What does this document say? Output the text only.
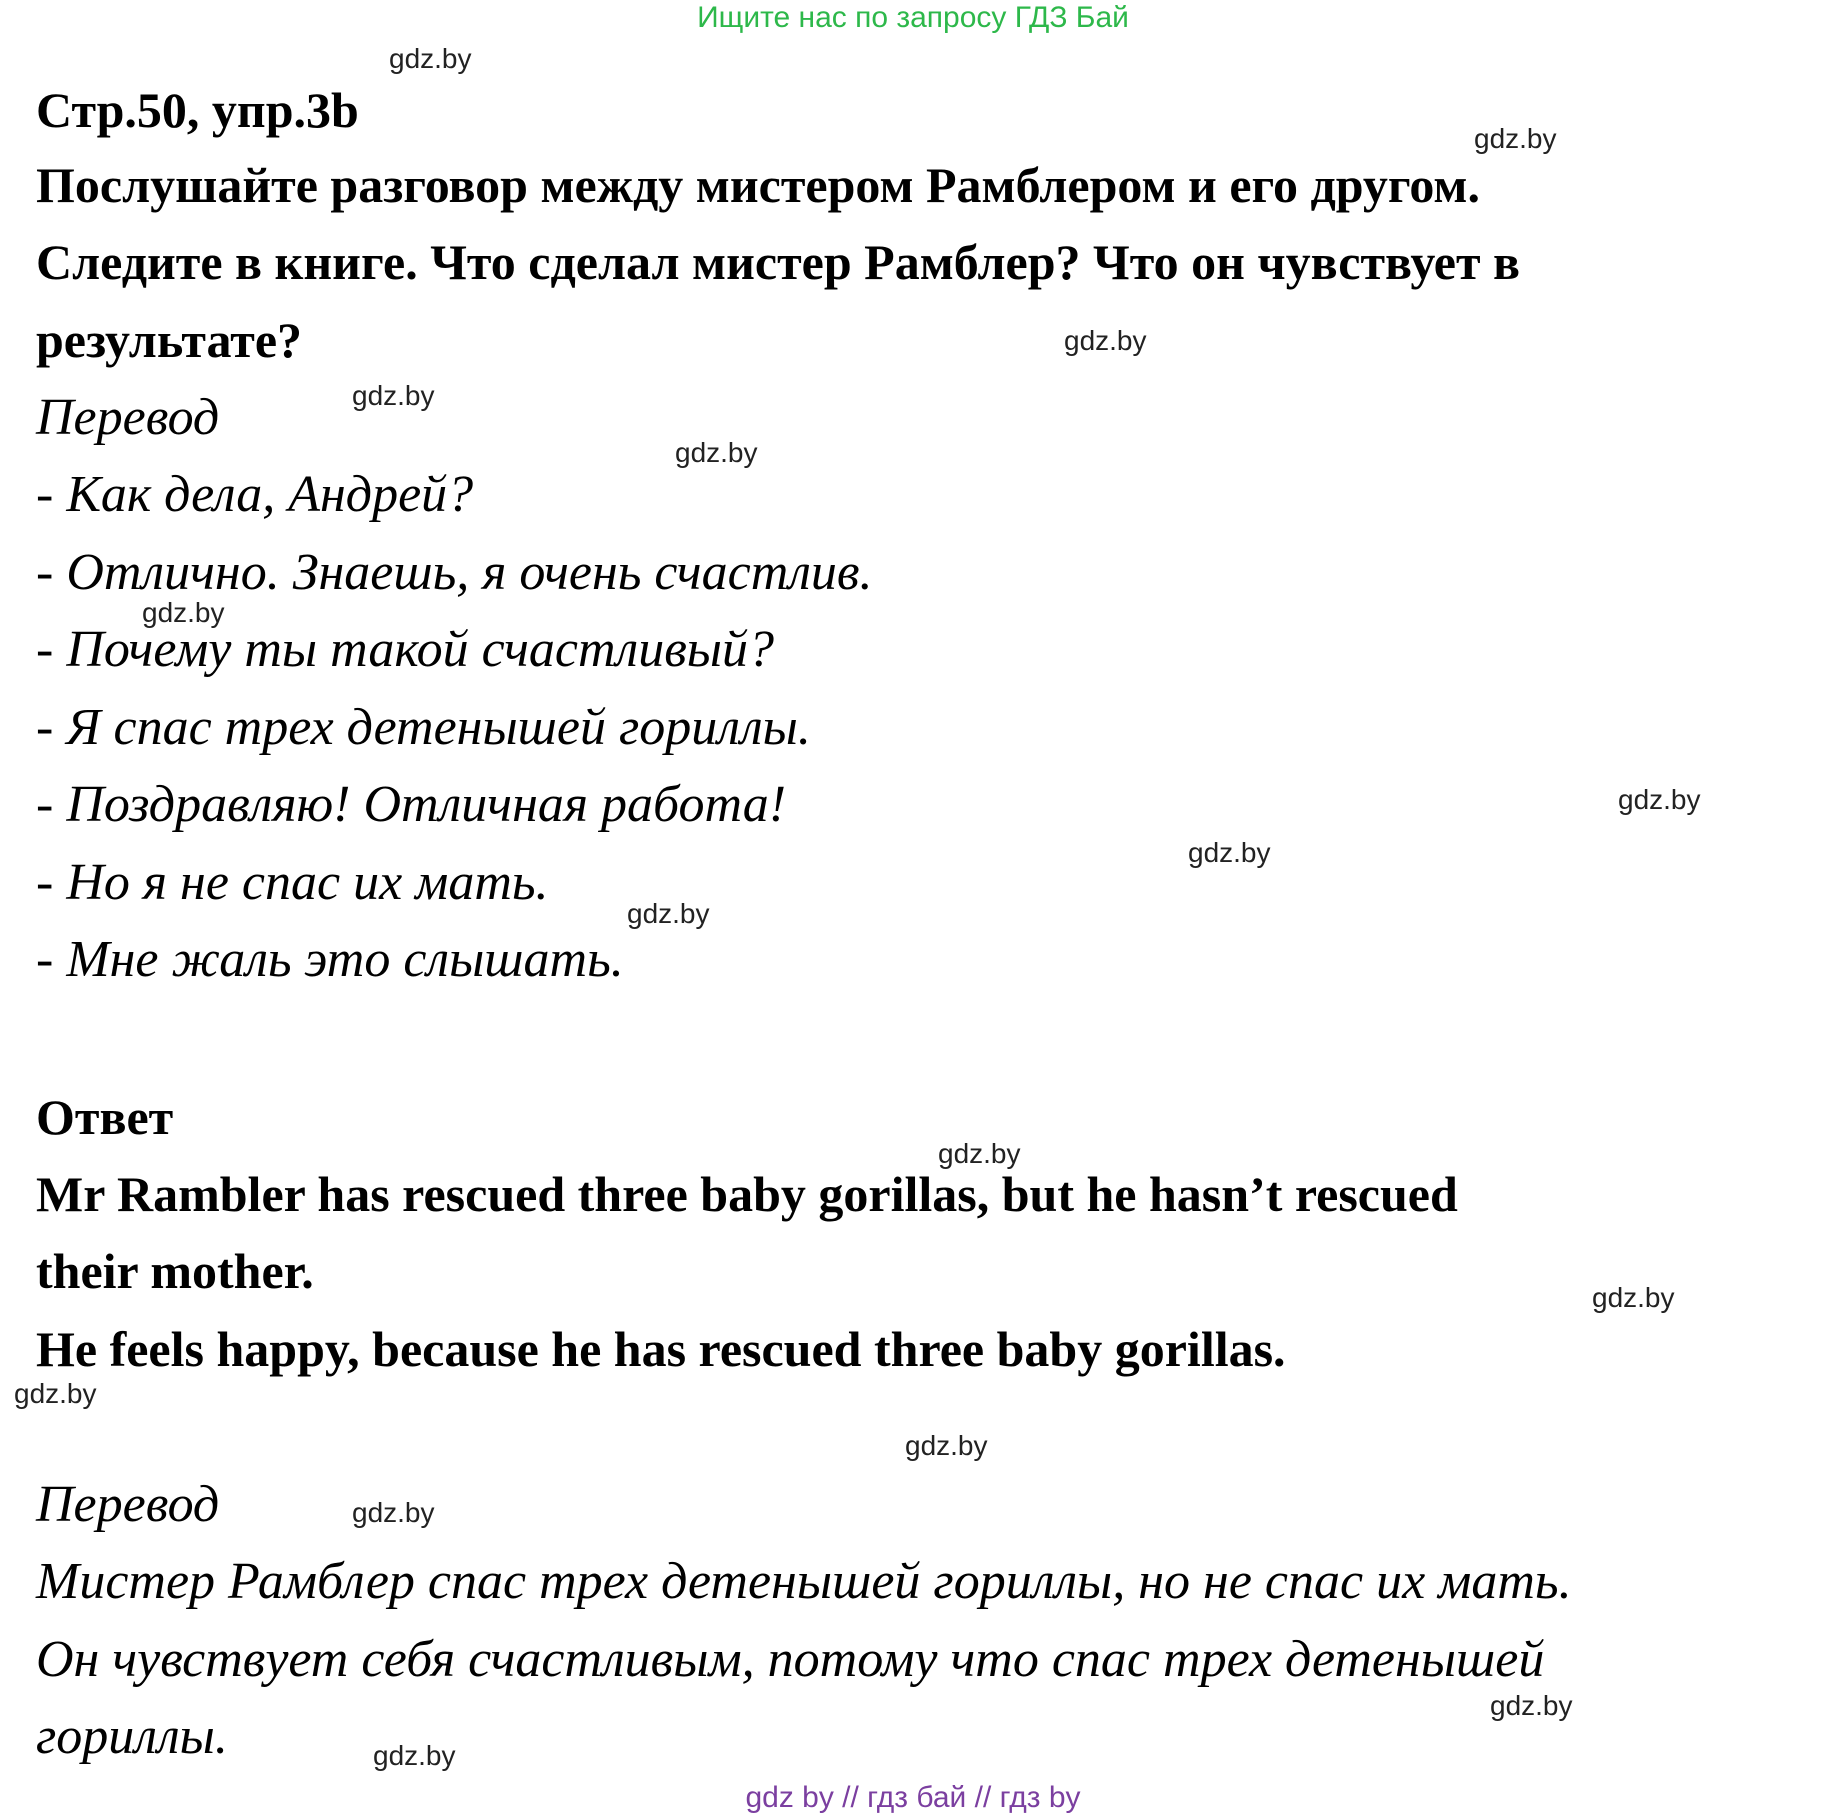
Ищите нас по запросу ГДЗ Бай
Стр.50, упр.3b
Послушайте разговор между мистером Рамблером и его другом.
Следите в книге. Что сделал мистер Рамблер? Что он чувствует в
результате?
Перевод
- Как дела, Андрей?
- Отлично. Знаешь, я очень счастлив.
- Почему ты такой счастливый?
- Я спас трех детенышей гориллы.
- Поздравляю! Отличная работа!
- Но я не спас их мать.
- Мне жаль это слышать.
Ответ
Mr Rambler has rescued three baby gorillas, but he hasn’t rescued
their mother.
He feels happy, because he has rescued three baby gorillas.
Перевод
Мистер Рамблер спас трех детенышей гориллы, но не спас их мать.
Он чувствует себя счастливым, потому что спас трех детенышей
гориллы.
gdz.by
gdz.by
gdz.by
gdz.by
gdz.by
gdz.by
gdz.by
gdz.by
gdz.by
gdz.by
gdz.by
gdz.by
gdz.by
gdz.by
gdz.by
gdz.by
gdz by // гдз бай // гдз by
